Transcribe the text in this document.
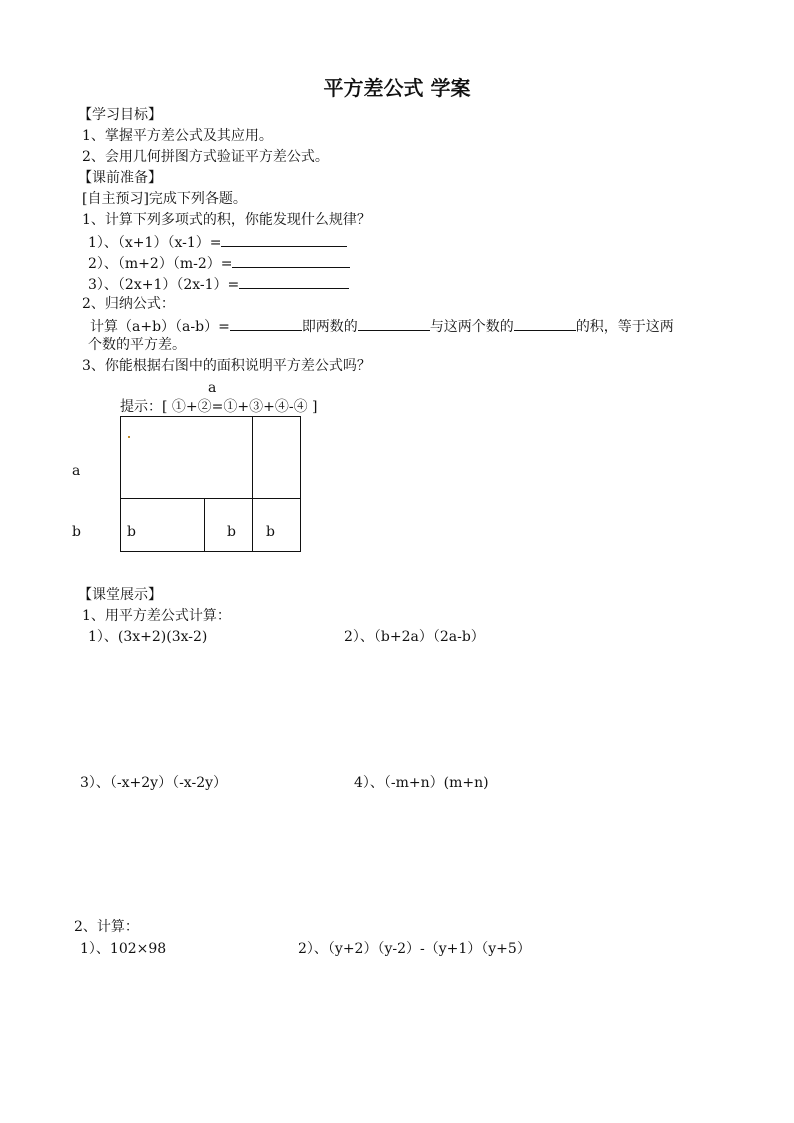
平方差公式 学案
【学习目标】
1、掌握平方差公式及其应用。
2、会用几何拼图方式验证平方差公式。
【课前准备】
[自主预习]完成下列各题。
1、计算下列多项式的积，你能发现什么规律？
1）、（x+1）（x-1）=
2）、（m+2）（m-2）=
3）、（2x+1）（2x-1）=
2、归纳公式：
计算（a+b）（a-b）=	即两数的	与这两个数的	的积，等于这两
个数的平方差。
3、你能根据右图中的面积说明平方差公式吗？
a
提示：[ ①+②=①+③+④-④ ]
a
b	b	b b
【课堂展示】
1、用平方差公式计算：
1）、(3x+2)(3x-2)	2）、（b+2a）（2a-b）
3）、（-x+2y）（-x-2y）	4）、（-m+n）(m+n)
2、计算：
1）、102×98	2）、（y+2）（y-2）-（y+1）（y+5）
